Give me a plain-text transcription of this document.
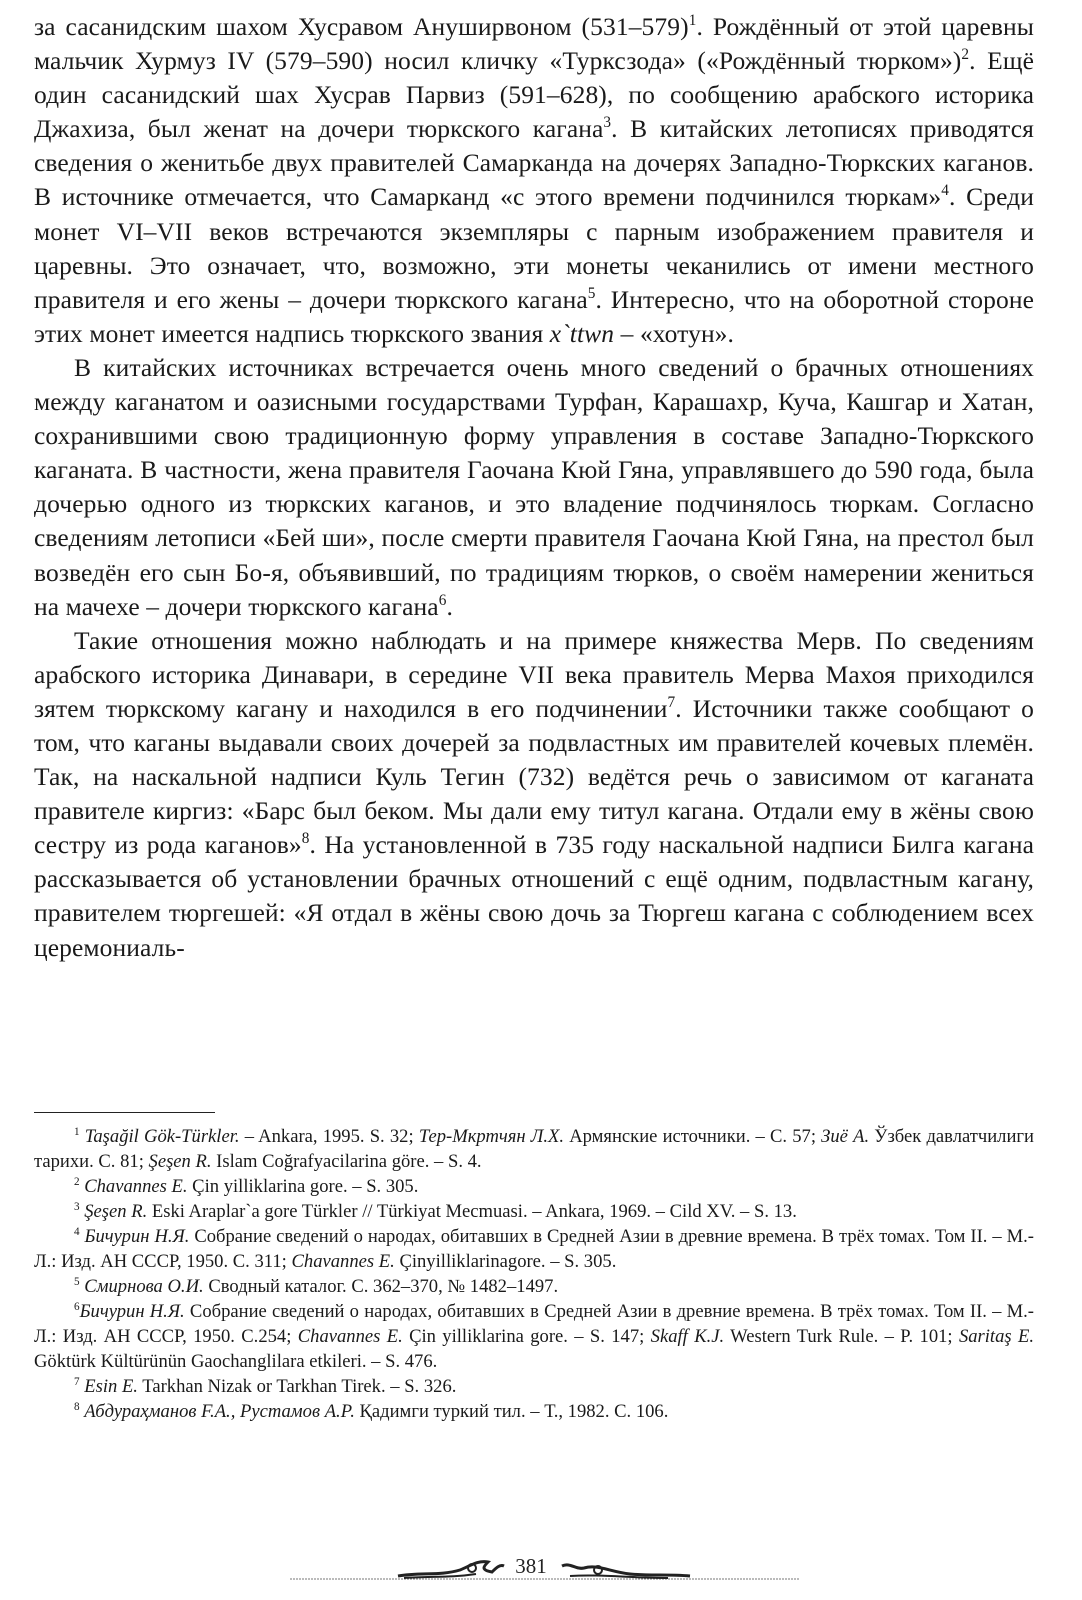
за сасанидским шахом Хусравом Ануширвоном $(531-579)^1$. Рождённый от этой царевны мальчик Хурмуз IV (579–590) носил кличку «Турксзода» («Рождённый тюрком»)$^2$. Ещё один сасанидский шах Хусрав Парвиз (591–628), по сообщению арабского историка Джахиза, был женат на дочери тюркского кагана$^3$. В китайских летописях приводятся сведения о женитьбе двух правителей Самарканда на дочерях Западно-Тюркских каганов. В источнике отмечается, что Самарканд «с этого времени подчинился тюркам»$^4$. Среди монет VI–VII веков встречаются экземпляры с парным изображением правителя и царевны. Это означает, что, возможно, эти монеты чеканились от имени местного правителя и его жены – дочери тюркского кагана$^5$. Интересно, что на оборотной стороне этих монет имеется надпись тюркского звания x`ttwn – «хотун».

В китайских источниках встречается очень много сведений о брачных отношениях между каганатом и оазисными государствами Турфан, Карашахр, Куча, Кашгар и Хатан, сохранившими свою традиционную форму управления в составе Западно-Тюркского каганата. В частности, жена правителя Гаочана Кюй Гяна, управлявшего до 590 года, была дочерью одного из тюркских каганов, и это владение подчинялось тюркам. Согласно сведениям летописи «Бей ши», после смерти правителя Гаочана Кюй Гяна, на престол был возведён его сын Бо-я, объявивший, по традициям тюрков, о своём намерении жениться на мачехе – дочери тюркского кагана$^6$.

Такие отношения можно наблюдать и на примере княжества Мерв. По сведениям арабского историка Динавари, в середине VII века правитель Мерва Махоя приходился зятем тюркскому кагану и находился в его подчинении$^7$. Источники также сообщают о том, что каганы выдавали своих дочерей за подвластных им правителей кочевых племён. Так, на наскальной надписи Куль Тегин (732) ведётся речь о зависимом от каганата правителе киргиз: «Барс был беком. Мы дали ему титул кагана. Отдали ему в жёны свою сестру из рода каганов»$^8$. На установленной в 735 году наскальной надписи Билга кагана рассказывается об установлении брачных отношений с ещё одним, подвластным кагану, правителем тюргешей: «Я отдал в жёны свою дочь за Тюргеш кагана с соблюдением всех церемониаль-

$^1$ Taşağil Gök-Türkler. – Ankara, 1995. S. 32; Тер-Мкртчян Л.Х. Армянские источники. – С. 57; Зиё А. Ўзбек давлатчилиги тарихи. С. 81; Şeşen R. Islam Coğrafyacilarina göre. – S. 4.

$^2$ Chavannes E. Çin yilliklarina gore. – S. 305.

$^3$ Şeşen R. Eski Araplar`a gore Türkler // Türkiyat Mecmuasi. – Ankara, 1969. – Cild XV. – S. 13.

$^4$ Бичурин Н.Я. Собрание сведений о народах, обитавших в Средней Азии в древние времена. В трёх томах. Том II. – М.-Л.: Изд. АН СССР, 1950. С. 311; Chavannes E. Çinyilliklarinagore. – S. 305.

$^5$ Смирнова О.И. Сводный каталог. С. 362–370, № 1482–1497.

$^6$Бичурин Н.Я. Собрание сведений о народах, обитавших в Средней Азии в древние времена. В трёх томах. Том II. – М.-Л.: Изд. АН СССР, 1950. С.254; Chavannes E. Çin yilliklarina gore. – S. 147; Skaff K.J. Western Turk Rule. – P. 101; Saritaş E. Göktürk Kültürünün Gaochanglilara etkileri. – S. 476.

$^7$ Esin E. Tarkhan Nizak or Tarkhan Tirek. – S. 326.

$^8$ Абдураҳманов F.A., Рустамов А.Р. Қадимги туркий тил. – Т., 1982. С. 106.

381
